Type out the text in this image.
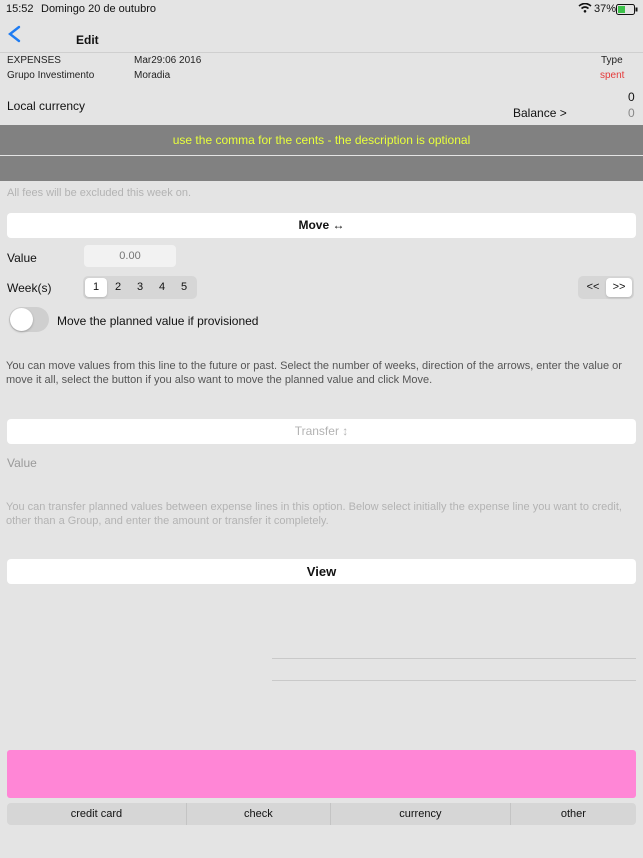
15:52 Domingo 20 de outubro	37%
Edit
EXPENSES	Mar29:06 2016	Type
Grupo Investimento	Moradia	spent
Local currency
0
Balance >	0
use the comma for the cents - the description is optional
All fees will be excluded this week on.
Move ↔
Value
0.00
Week(s)	1	2	3	4	5	<<	>>
Move the planned value if provisioned
You can move values from this line to the future or past. Select the number of weeks, direction of the arrows, enter the value or move it all, select the button if you also want to move the planned value and click Move.
Transfer ↕
Value
You can transfer planned values between expense lines in this option. Below select initially the expense line you want to credit, other than a Group, and enter the amount or transfer it completely.
View
credit card	check	currency	other
